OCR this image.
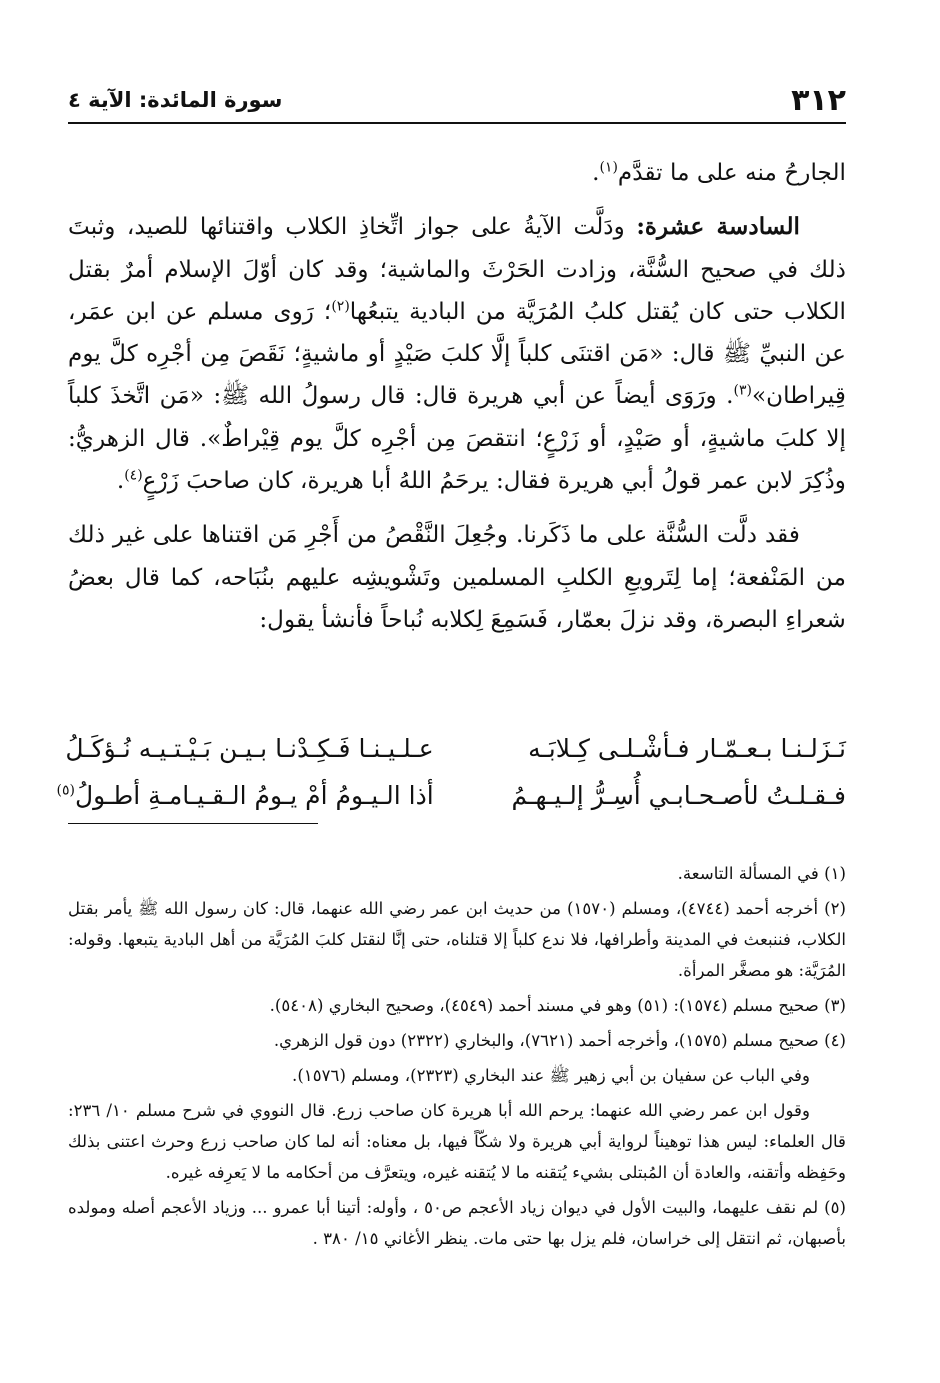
٣١٢
سورة المائدة: الآية ٤

الجارحُ منه على ما تقدَّم$^{(١)}$.

السادسة عشرة: ودَلَّت الآيةُ على جواز اتِّخاذِ الكلاب واقتنائها للصيد، وثبتَ ذلك في صحيح السُّنَّة، وزادت الحَرْثَ والماشية؛ وقد كان أوّلَ الإسلام أمرٌ بقتل الكلاب حتى كان يُقتل كلبُ المُرَيَّة من البادية يتبعُها$^{(٢)}$؛ رَوى مسلم عن ابن عمَر، عن النبيِّ ﷺ قال: «مَن اقتنَى كلباً إلَّا كلبَ صَيْدٍ أو ماشيةٍ؛ نَقَصَ مِن أجْرِه كلَّ يوم قِيراطان»$^{(٣)}$. ورَوَى أيضاً عن أبي هريرة قال: قال رسولُ الله ﷺ: «مَن اتَّخذَ كلباً إلا كلبَ ماشيةٍ، أو صَيْدٍ، أو زَرْعٍ؛ انتقصَ مِن أجْرِه كلَّ يوم قِيْراطٌ». قال الزهريُّ: وذُكِرَ لابن عمر قولُ أبي هريرة فقال: يرحَمُ اللهُ أبا هريرة، كان صاحبَ زَرْعٍ$^{(٤)}$.

فقد دلَّت السُّنَّة على ما ذَكَرنا. وجُعِلَ النَّقْصُ من أَجْرِ مَن اقتناها على غير ذلك من المَنْفعة؛ إما لِتَرويعِ الكلبِ المسلمين وتَشْويشِه عليهم بنُبَاحه، كما قال بعضُ شعراءِ البصرة، وقد نزلَ بعمّار، فَسَمِعَ لِكلابه نُباحاً فأنشأ يقول:

نَـزَلـنـا بـعـمّـار فـأشْـلـى كِـلابَـه
عـلـيـنـا فَـكِـدْنـا بـيـن بَـيْـتـيـه نُـؤكَـلُ
فـقـلـتُ لأصـحـابـي أُسِـرُّ إلـيـهـمُ
أذا الـيـومُ أمْ يـومُ الـقـيـامـةِ أطـولُ$^{(٥)}$

(١) في المسألة التاسعة.

(٢) أخرجه أحمد (٤٧٤٤)، ومسلم (١٥٧٠) من حديث ابن عمر رضي الله عنهما، قال: كان رسول الله ﷺ يأمر بقتل الكلاب، فننبعث في المدينة وأطرافها، فلا ندع كلباً إلا قتلناه، حتى إنَّا لنقتل كلبَ المُرَيَّة من أهل البادية يتبعها. وقوله: المُرَيَّة: هو مصغَّر المرأة.

(٣) صحيح مسلم (١٥٧٤): (٥١) وهو في مسند أحمد (٤٥٤٩)، وصحيح البخاري (٥٤٠٨).

(٤) صحيح مسلم (١٥٧٥)، وأخرجه أحمد (٧٦٢١)، والبخاري (٢٣٢٢) دون قول الزهري.

وفي الباب عن سفيان بن أبي زهير ﷺ عند البخاري (٢٣٢٣)، ومسلم (١٥٧٦).

وقول ابن عمر رضي الله عنهما: يرحم الله أبا هريرة كان صاحب زرع. قال النووي في شرح مسلم ١٠/ ٢٣٦: قال العلماء: ليس هذا توهيناً لرواية أبي هريرة ولا شكّاً فيها، بل معناه: أنه لما كان صاحب زرع وحرث اعتنى بذلك وحَفِظه وأتقنه، والعادة أن المُبتلى بشيء يُتقنه ما لا يُتقنه غيره، ويتعرَّف من أحكامه ما لا يَعرِفه غيره.

(٥) لم نقف عليهما، والبيت الأول في ديوان زياد الأعجم ص٥٠ ، وأوله: أتينا أبا عمرو ... وزياد الأعجم أصله ومولده بأصبهان، ثم انتقل إلى خراسان، فلم يزل بها حتى مات. ينظر الأغاني ١٥/ ٣٨٠ .
